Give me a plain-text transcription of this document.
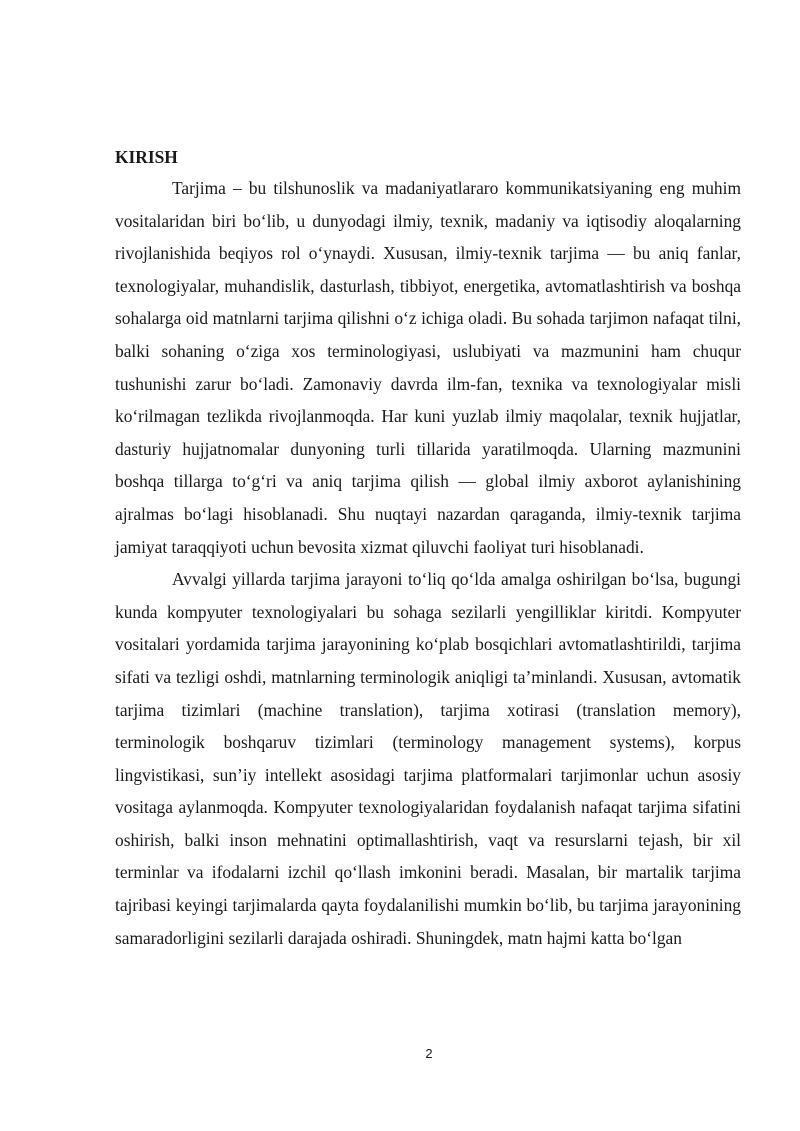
KIRISH

Tarjima – bu tilshunoslik va madaniyatlararo kommunikatsiyaning eng muhim vositalaridan biri bo‘lib, u dunyodagi ilmiy, texnik, madaniy va iqtisodiy aloqalarning rivojlanishida beqiyos rol o‘ynaydi. Xususan, ilmiy-texnik tarjima — bu aniq fanlar, texnologiyalar, muhandislik, dasturlash, tibbiyot, energetika, avtomatlashtirish va boshqa sohalarga oid matnlarni tarjima qilishni o‘z ichiga oladi. Bu sohada tarjimon nafaqat tilni, balki sohaning o‘ziga xos terminologiyasi, uslubiyati va mazmunini ham chuqur tushunishi zarur bo‘ladi. Zamonaviy davrda ilm-fan, texnika va texnologiyalar misli ko‘rilmagan tezlikda rivojlanmoqda. Har kuni yuzlab ilmiy maqolalar, texnik hujjatlar, dasturiy hujjatnomalar dunyoning turli tillarida yaratilmoqda. Ularning mazmunini boshqa tillarga to‘g‘ri va aniq tarjima qilish — global ilmiy axborot aylanishining ajralmas bo‘lagi hisoblanadi. Shu nuqtayi nazardan qaraganda, ilmiy-texnik tarjima jamiyat taraqqiyoti uchun bevosita xizmat qiluvchi faoliyat turi hisoblanadi.

Avvalgi yillarda tarjima jarayoni to‘liq qo‘lda amalga oshirilgan bo‘lsa, bugungi kunda kompyuter texnologiyalari bu sohaga sezilarli yengilliklar kiritdi. Kompyuter vositalari yordamida tarjima jarayonining ko‘plab bosqichlari avtomatlashtirildi, tarjima sifati va tezligi oshdi, matnlarning terminologik aniqligi ta’minlandi. Xususan, avtomatik tarjima tizimlari (machine translation), tarjima xotirasi (translation memory), terminologik boshqaruv tizimlari (terminology management systems), korpus lingvistikasi, sun’iy intellekt asosidagi tarjima platformalari tarjimonlar uchun asosiy vositaga aylanmoqda. Kompyuter texnologiyalaridan foydalanish nafaqat tarjima sifatini oshirish, balki inson mehnatini optimallashtirish, vaqt va resurslarni tejash, bir xil terminlar va ifodalarni izchil qo‘llash imkonini beradi. Masalan, bir martalik tarjima tajribasi keyingi tarjimalarda qayta foydalanilishi mumkin bo‘lib, bu tarjima jarayonining samaradorligini sezilarli darajada oshiradi. Shuningdek, matn hajmi katta bo‘lgan

2
